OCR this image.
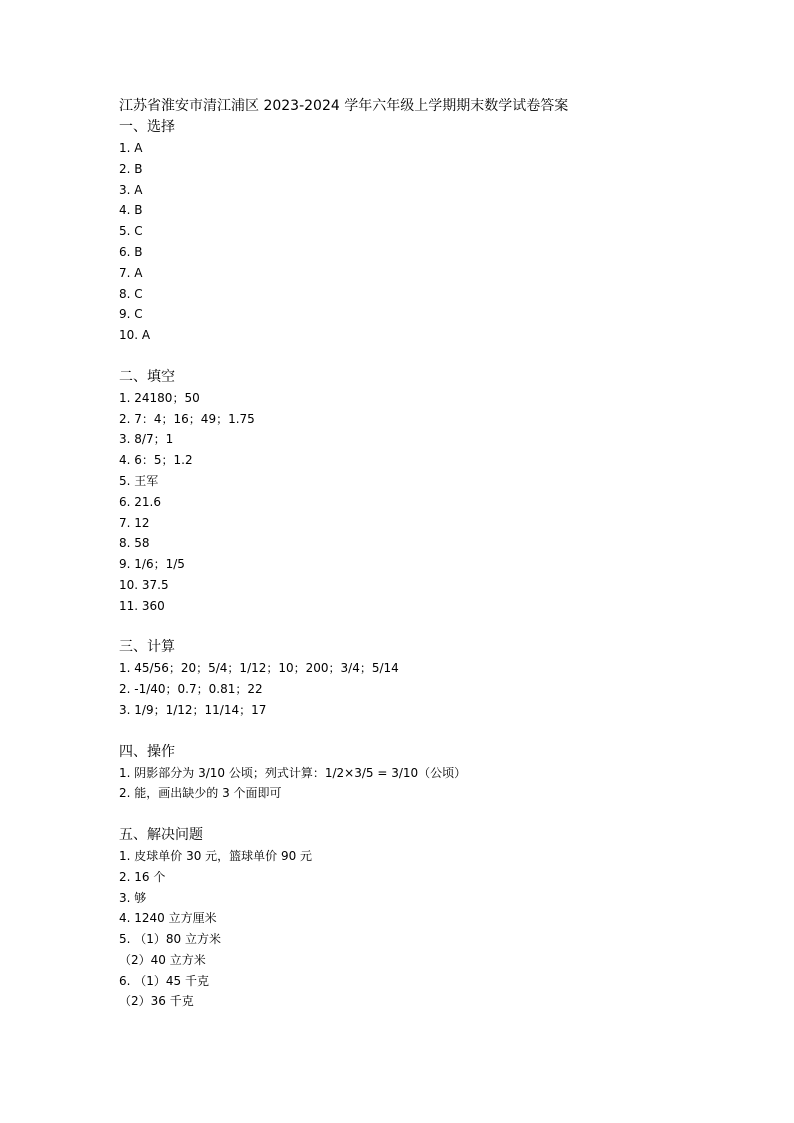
江苏省淮安市清江浦区 2023-2024 学年六年级上学期期末数学试卷答案
一、选择
1. A
2. B
3. A
4. B
5. C
6. B
7. A
8. C
9. C
10. A
二、填空
1. 24180；50
2. 7：4；16；49；1.75
3. 8/7；1
4. 6：5；1.2
5. 王军
6. 21.6
7. 12
8. 58
9. 1/6；1/5
10. 37.5
11. 360
三、计算
1. 45/56；20；5/4；1/12；10；200；3/4；5/14
2. -1/40；0.7；0.81；22
3. 1/9；1/12；11/14；17
四、操作
1. 阴影部分为 3/10 公顷；列式计算：1/2×3/5 = 3/10（公顷）
2. 能，画出缺少的 3 个面即可
五、解决问题
1. 皮球单价 30 元，篮球单价 90 元
2. 16 个
3. 够
4. 1240 立方厘米
5. （1）80 立方米
（2）40 立方米
6. （1）45 千克
（2）36 千克
